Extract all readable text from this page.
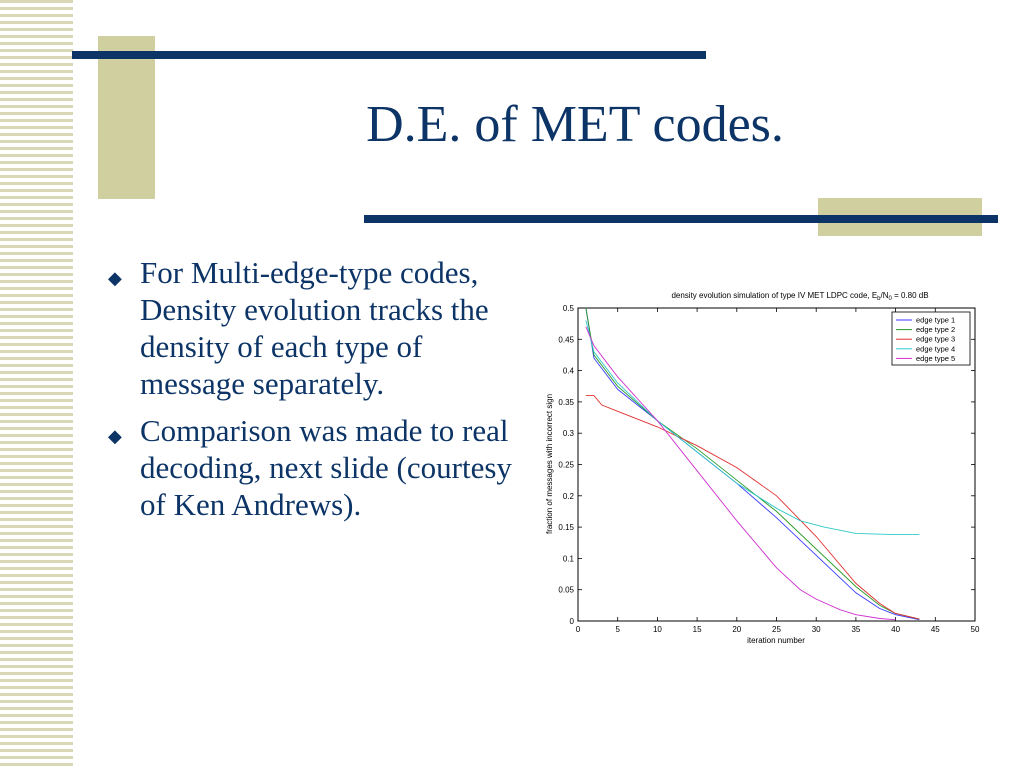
D.E. of MET codes.
◆ For Multi-edge-type codes, Density evolution tracks the density of each type of message separately.
◆ Comparison was made to real decoding, next slide (courtesy of Ken Andrews).
density evolution simulation of type IV MET LDPC code, $E_b/N_0 = 0.80$ dB
0	5	10	15	20	25	30	35	40	45	50
0
0.05
0.1
0.15
0.2
0.25
0.3
0.35
0.4
0.45
0.5
edge type 1
edge type 2
edge type 3
edge type 4
edge type 5
iteration number
fraction of messages with incorrect sign
